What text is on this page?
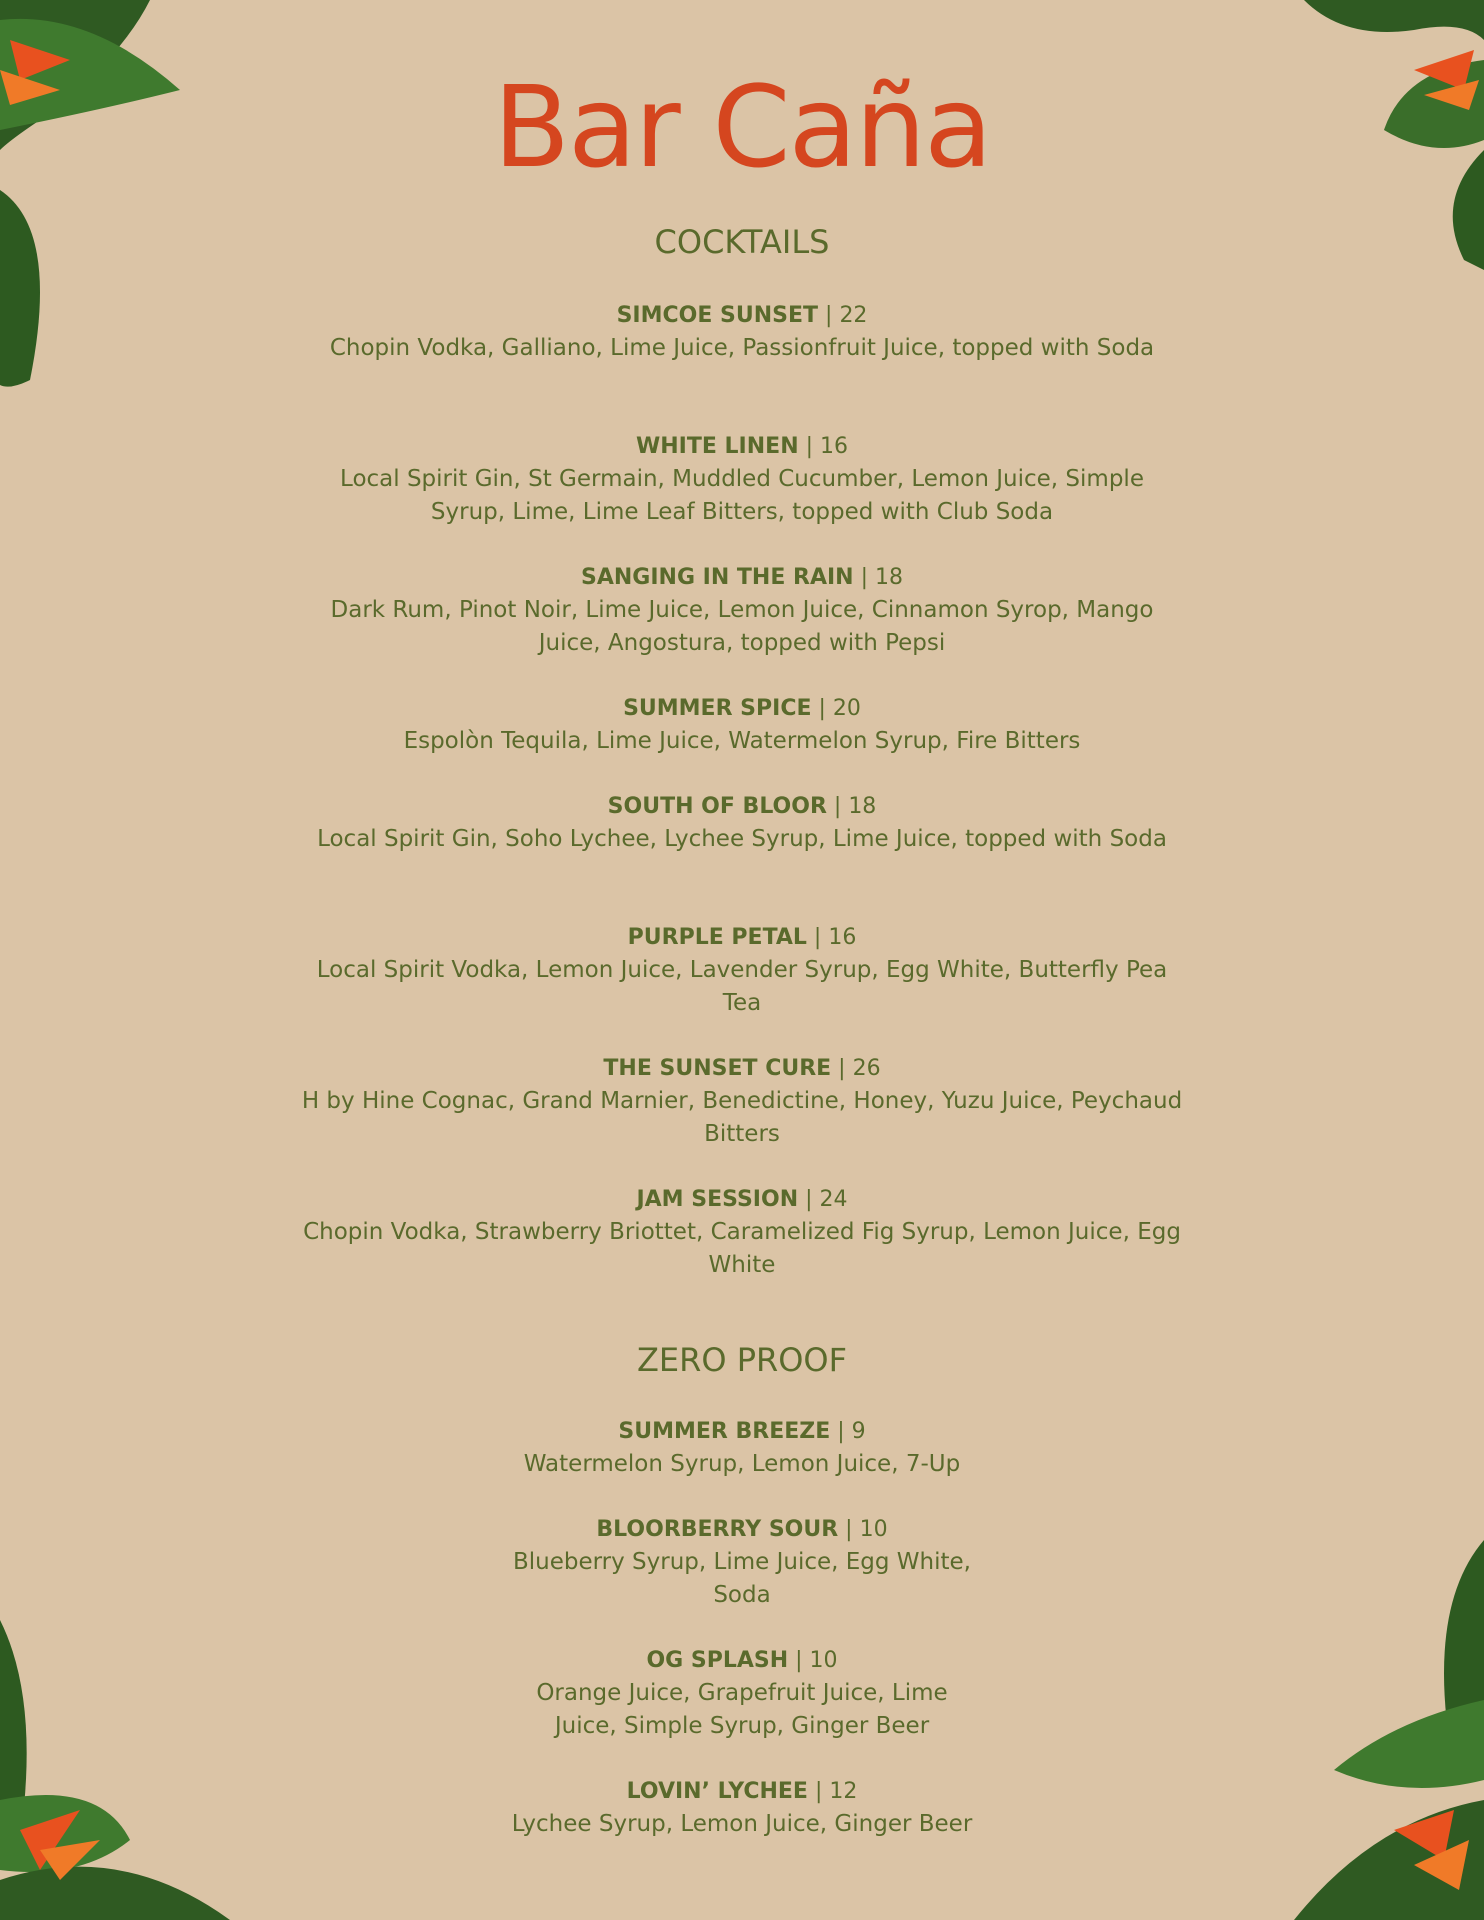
Bar Caña
COCKTAILS
SIMCOE SUNSET | 22
Chopin Vodka, Galliano, Lime Juice, Passionfruit Juice, topped with Soda
WHITE LINEN | 16
Local Spirit Gin, St Germain, Muddled Cucumber, Lemon Juice, Simple Syrup, Lime, Lime Leaf Bitters, topped with Club Soda
SANGING IN THE RAIN | 18
Dark Rum, Pinot Noir, Lime Juice, Lemon Juice, Cinnamon Syrop, Mango Juice, Angostura, topped with Pepsi
SUMMER SPICE | 20
Espolòn Tequila, Lime Juice, Watermelon Syrup, Fire Bitters
SOUTH OF BLOOR | 18
Local Spirit Gin, Soho Lychee, Lychee Syrup, Lime Juice, topped with Soda
PURPLE PETAL | 16
Local Spirit Vodka, Lemon Juice, Lavender Syrup, Egg White, Butterfly Pea Tea
THE SUNSET CURE | 26
H by Hine Cognac, Grand Marnier, Benedictine, Honey, Yuzu Juice, Peychaud Bitters
JAM SESSION | 24
Chopin Vodka, Strawberry Briottet, Caramelized Fig Syrup, Lemon Juice, Egg White
ZERO PROOF
SUMMER BREEZE | 9
Watermelon Syrup, Lemon Juice, 7-Up
BLOORBERRY SOUR | 10
Blueberry Syrup, Lime Juice, Egg White, Soda
OG SPLASH | 10
Orange Juice, Grapefruit Juice, Lime Juice, Simple Syrup, Ginger Beer
LOVIN’ LYCHEE | 12
Lychee Syrup, Lemon Juice, Ginger Beer
